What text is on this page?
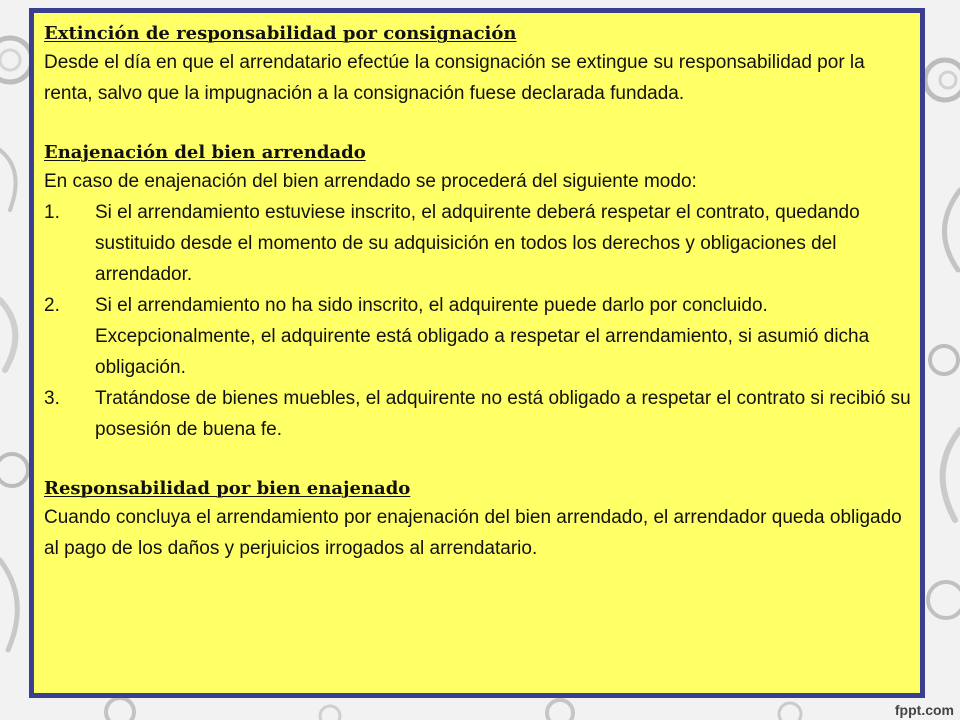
Extinción de responsabilidad por consignación

Desde el día en que el arrendatario efectúe la consignación se extingue su responsabilidad por la renta, salvo que la impugnación a la consignación fuese declarada fundada.

Enajenación del bien arrendado

En caso de enajenación del bien arrendado se procederá del siguiente modo:

1. Si el arrendamiento estuviese inscrito, el adquirente deberá respetar el contrato, quedando sustituido desde el momento de su adquisición en todos los derechos y obligaciones del arrendador.
2. Si el arrendamiento no ha sido inscrito, el adquirente puede darlo por concluido.
Excepcionalmente, el adquirente está obligado a respetar el arrendamiento, si asumió dicha obligación.
3. Tratándose de bienes muebles, el adquirente no está obligado a respetar el contrato si recibió su posesión de buena fe.
Responsabilidad por bien enajenado

Cuando concluya el arrendamiento por enajenación del bien arrendado, el arrendador queda obligado al pago de los daños y perjuicios irrogados al arrendatario.

fppt.com
